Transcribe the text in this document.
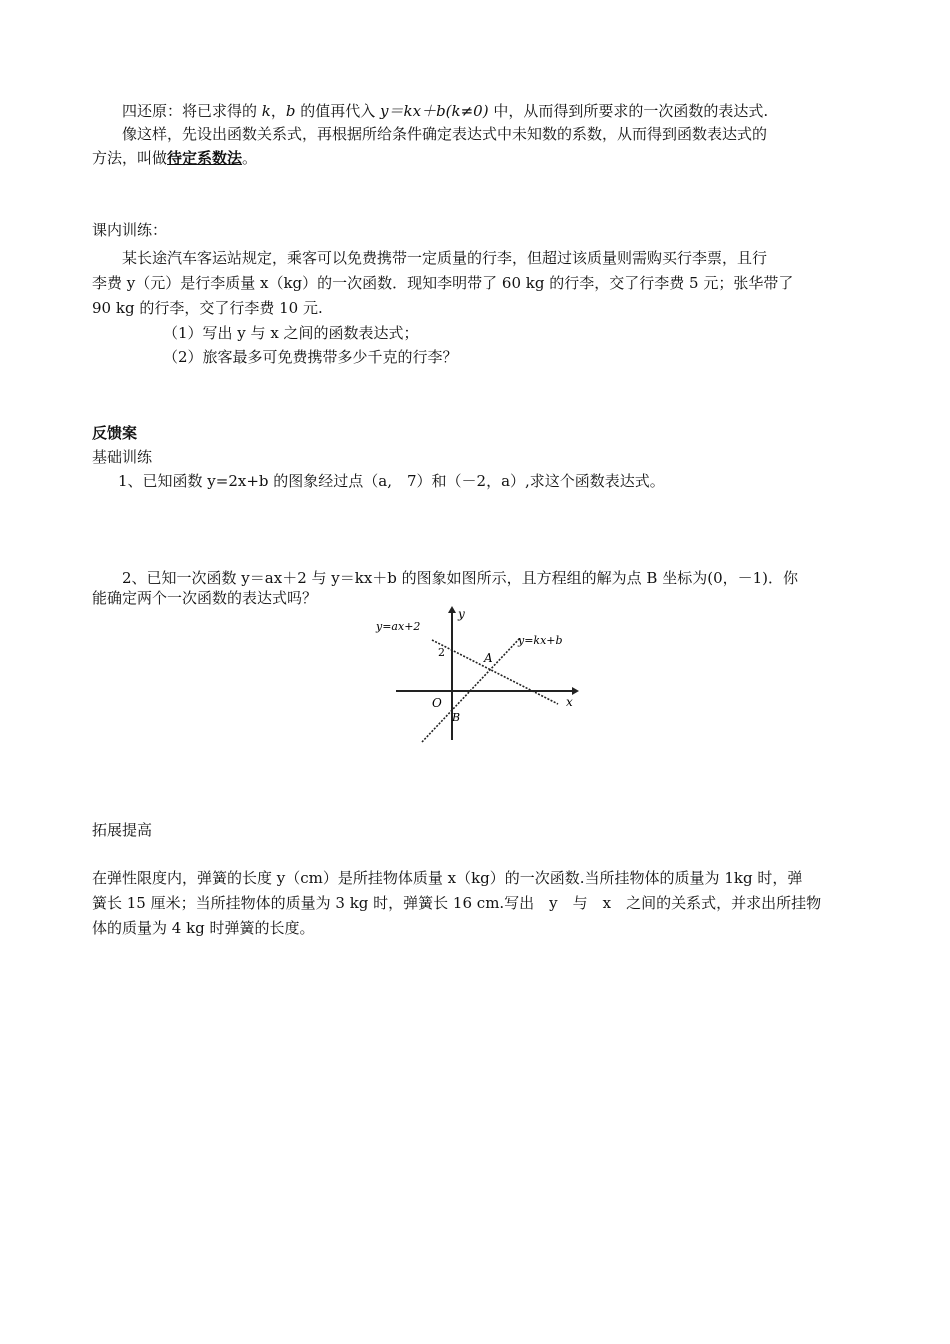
四还原：将已求得的 k，b 的值再代入 y＝kx＋b(k≠0) 中，从而得到所要求的一次函数的表达式.
像这样，先设出函数关系式，再根据所给条件确定表达式中未知数的系数，从而得到函数表达式的
方法，叫做待定系数法。
课内训练：
某长途汽车客运站规定，乘客可以免费携带一定质量的行李，但超过该质量则需购买行李票，且行
李费 y（元）是行李质量 x（kg）的一次函数．现知李明带了 60 kg 的行李，交了行李费 5 元；张华带了
90 kg 的行李，交了行李费 10 元.
（1）写出 y 与 x 之间的函数表达式；
（2）旅客最多可免费携带多少千克的行李？
反馈案
基础训练
1、已知函数 y=2x+b 的图象经过点（a,　7）和（－2，a）,求这个函数表达式。
2、已知一次函数 y＝ax＋2 与 y＝kx＋b 的图象如图所示，且方程组的解为点 B 坐标为(0，－1)．你
能确定两个一次函数的表达式吗？
y=ax+2
y=kx+b
y
x
2	A
O
B
拓展提高
在弹性限度内，弹簧的长度 y（cm）是所挂物体质量 x（kg）的一次函数.当所挂物体的质量为 1kg 时，弹
簧长 15 厘米；当所挂物体的质量为 3 kg 时，弹簧长 16 cm.写出　y　与　x　之间的关系式，并求出所挂物
体的质量为 4 kg 时弹簧的长度。
